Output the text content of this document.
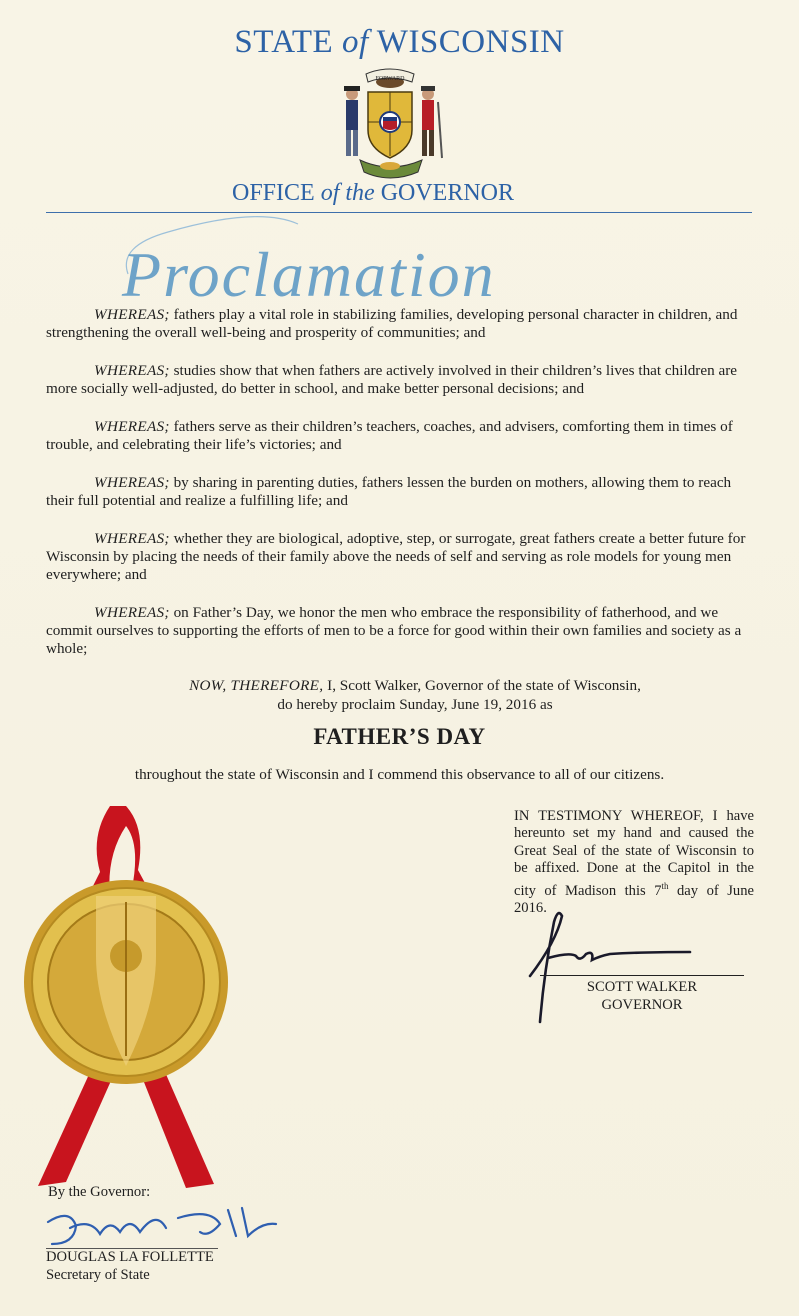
STATE of WISCONSIN
FORWARD
OFFICE of the GOVERNOR
Proclamation

WHEREAS; fathers play a vital role in stabilizing families, developing personal character in children, and strengthening the overall well-being and prosperity of communities; and

WHEREAS; studies show that when fathers are actively involved in their children’s lives that children are more socially well-adjusted, do better in school, and make better personal decisions; and

WHEREAS; fathers serve as their children’s teachers, coaches, and advisers, comforting them in times of trouble, and celebrating their life’s victories; and

WHEREAS; by sharing in parenting duties, fathers lessen the burden on mothers, allowing them to reach their full potential and realize a fulfilling life; and

WHEREAS; whether they are biological, adoptive, step, or surrogate, great fathers create a better future for Wisconsin by placing the needs of their family above the needs of self and serving as role models for young men everywhere; and

WHEREAS; on Father’s Day, we honor the men who embrace the responsibility of fatherhood, and we commit ourselves to supporting the efforts of men to be a force for good within their own families and society as a whole;

NOW, THEREFORE, I, Scott Walker, Governor of the state of Wisconsin,
do hereby proclaim Sunday, June 19, 2016 as
FATHER’S DAY
throughout the state of Wisconsin and I commend this observance to all of our citizens.
IN TESTIMONY WHEREOF, I have hereunto set my hand and caused the Great Seal of the state of Wisconsin to be affixed. Done at the Capitol in the city of Madison this 7th day of June 2016.
SCOTT WALKER
GOVERNOR
By the Governor:
DOUGLAS LA FOLLETTE
Secretary of State
